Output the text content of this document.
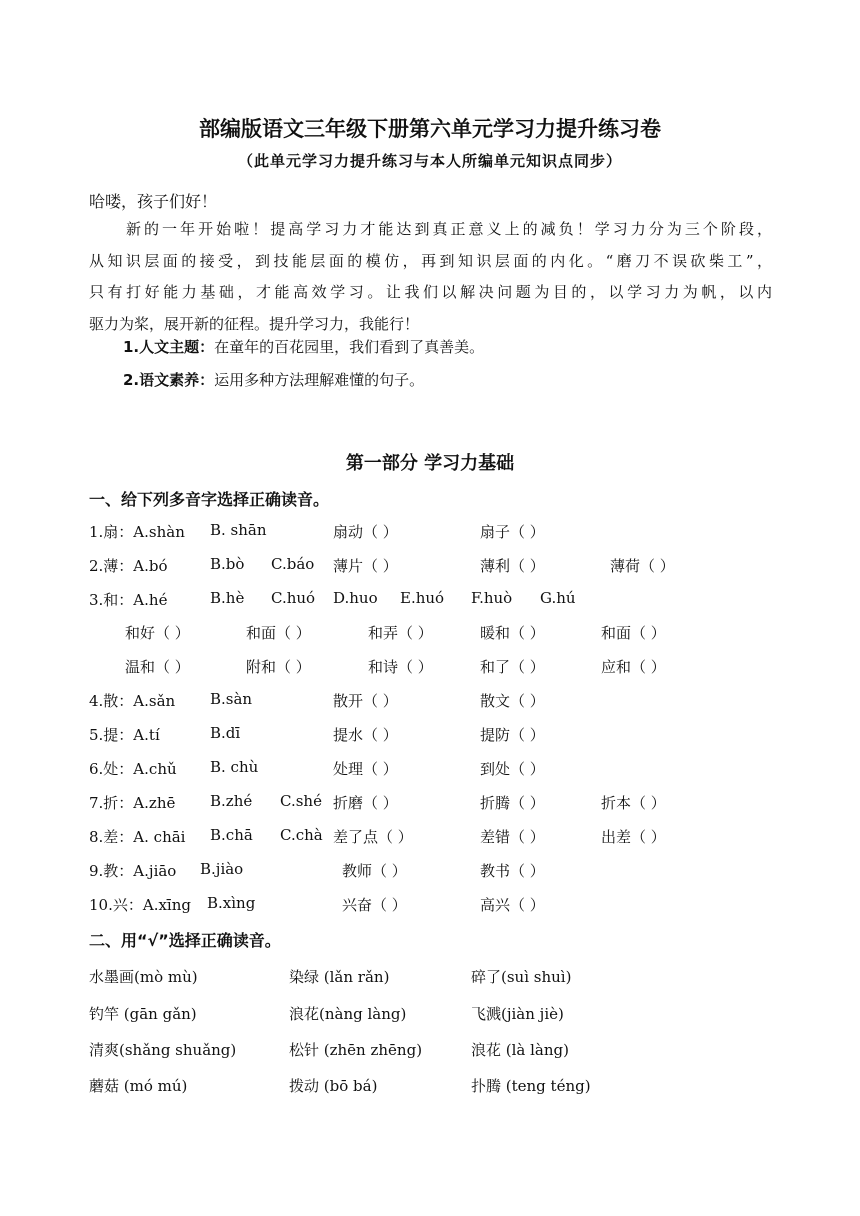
部编版语文三年级下册第六单元学习力提升练习卷
（此单元学习力提升练习与本人所编单元知识点同步）
哈喽，孩子们好！
新的一年开始啦！提高学习力才能达到真正意义上的减负！学习力分为三个阶段，
从知识层面的接受，到技能层面的模仿，再到知识层面的内化。“磨刀不误砍柴工”，
只有打好能力基础，才能高效学习。让我们以解决问题为目的，以学习力为帆，以内
驱力为桨，展开新的征程。提升学习力，我能行！
1.人文主题：在童年的百花园里，我们看到了真善美。
2.语文素养：运用多种方法理解难懂的句子。
第一部分 学习力基础
一、给下列多音字选择正确读音。
1.扇：A.shàn B. shān	扇动（ ）	扇子（ ）
2.薄：A.bó	B.bò C.báo 薄片（ ）	薄利（ ）	薄荷（ ）
3.和：A.hé	B.hè C.huó D.huo E.huó F.huò G.hú
和好（ ）	和面（ ）	和弄（ ）	暖和（ ）	和面（ ）
温和（ ）	附和（ ）	和诗（ ）	和了（ ）	应和（ ）
4.散：A.sǎn B.sàn	散开（ ）	散文（ ）
5.提：A.tí	B.dī	提水（ ）	提防（ ）
6.处：A.chǔ B. chù	处理（ ）	到处（ ）
7.折：A.zhē B.zhé C.shé 折磨（ ）	折腾（ ）	折本（ ）
8.差：A. chāi B.chā C.chà 差了点（ ）	差错（ ）	出差（ ）
9.教：A.jiāo B.jiào	教师（ ）	教书（ ）
10.兴：A.xīng B.xìng	兴奋（ ）	高兴（ ）
二、用“√”选择正确读音。
水墨画(mò mù)	染绿 (lǎn rǎn)	碎了(suì shuì)
钓竿 (gān gǎn)	浪花(nàng làng)	飞溅(jiàn jiè)
清爽(shǎng shuǎng)	松针 (zhēn zhēng)	浪花 (là làng)
蘑菇 (mó mú)	拨动 (bō bá)	扑腾 (teng téng)
